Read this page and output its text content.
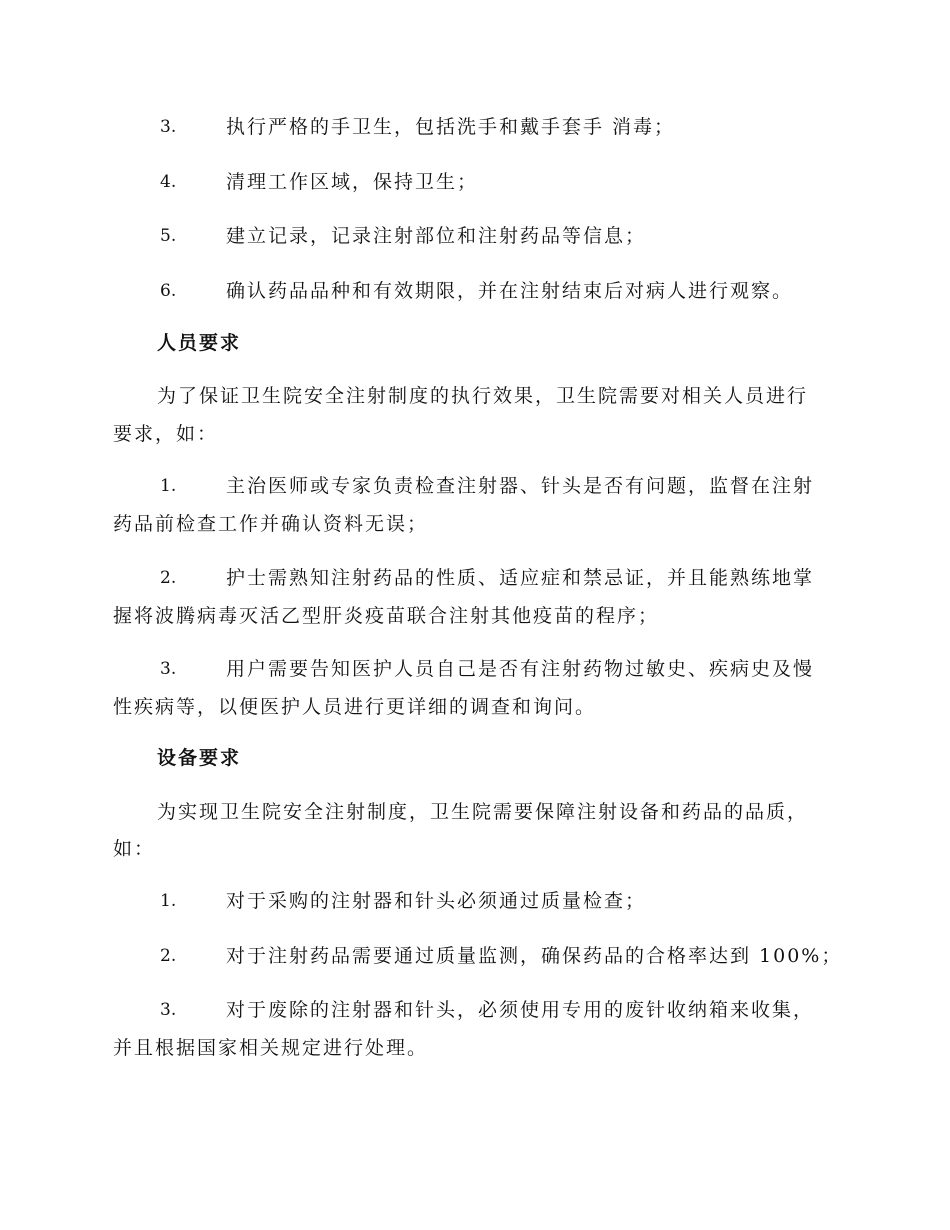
3.	执行严格的手卫生，包括洗手和戴手套手 消毒；
4.	清理工作区域，保持卫生；
5.	建立记录，记录注射部位和注射药品等信息；
6.	确认药品品种和有效期限，并在注射结束后对病人进行观察。
人员要求
为了保证卫生院安全注射制度的执行效果，卫生院需要对相关人员进行
要求，如：
1.	主治医师或专家负责检查注射器、针头是否有问题，监督在注射
药品前检查工作并确认资料无误；
2.	护士需熟知注射药品的性质、适应症和禁忌证，并且能熟练地掌
握将波腾病毒灭活乙型肝炎疫苗联合注射其他疫苗的程序；
3.	用户需要告知医护人员自己是否有注射药物过敏史、疾病史及慢
性疾病等，以便医护人员进行更详细的调查和询问。
设备要求
为实现卫生院安全注射制度，卫生院需要保障注射设备和药品的品质，
如：
1.	对于采购的注射器和针头必须通过质量检查；
2.	对于注射药品需要通过质量监测，确保药品的合格率达到 100%；
3.	对于废除的注射器和针头，必须使用专用的废针收纳箱来收集，
并且根据国家相关规定进行处理。
